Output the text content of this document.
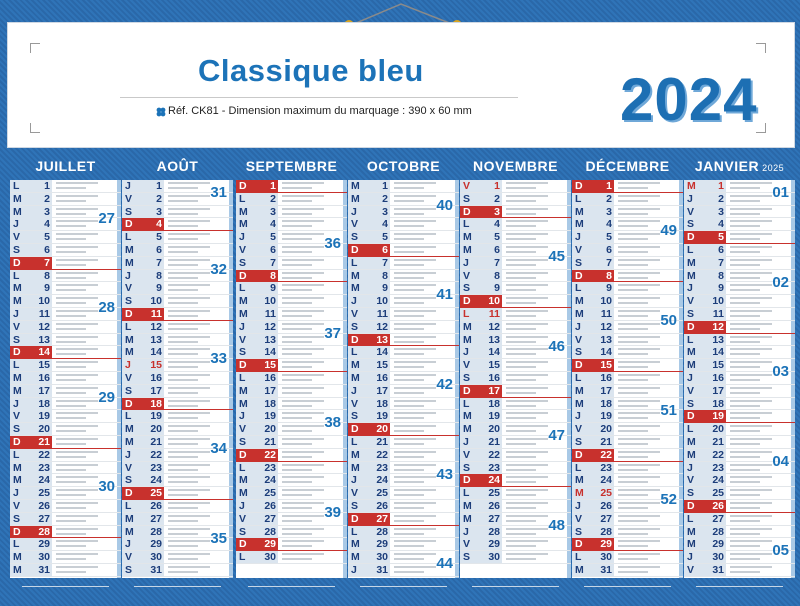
Classique bleu
Réf. CK81 - Dimension maximum du marquage : 390 x 60 mm 2024
JUILLET
L 1
M 2
M 3
J 4
V 5
S 6
D 7
L 8
M 9
M 10
J 11
V 12
S 13
D 14
L 15
M 16
M 17
J 18
V 19
S 20
D 21
L 22
M 23
M 24
J 25
V 26
S 27
D 28
L 29
M 30
M 31
27
28
29
30
AOÛT
J 1
V 2
S 3
D 4
L 5
M 6
M 7
J 8
V 9
S 10
D 11
L 12
M 13
M 14
J 15
V 16
S 17
D 18
L 19
M 20
M 21
J 22
V 23
S 24
D 25
L 26
M 27
M 28
J 29
V 30
S 31
31
32
33
34
35
SEPTEMBRE
D 1
L 2
M 3
M 4
J 5
V 6
S 7
D 8
L 9
M 10
M 11
J 12
V 13
S 14
D 15
L 16
M 17
M 18
J 19
V 20
S 21
D 22
L 23
M 24
M 25
J 26
V 27
S 28
D 29
L 30
36
37
38
39
OCTOBRE
M 1
M 2
J 3
V 4
S 5
D 6
L 7
M 8
M 9
J 10
V 11
S 12
D 13
L 14
M 15
M 16
J 17
V 18
S 19
D 20
L 21
M 22
M 23
J 24
V 25
S 26
D 27
L 28
M 29
M 30
J 31
40
41
42
43
44
NOVEMBRE
V 1
S 2
D 3
L 4
M 5
M 6
J 7
V 8
S 9
D 10
L 11
M 12
M 13
J 14
V 15
S 16
D 17
L 18
M 19
M 20
J 21
V 22
S 23
D 24
L 25
M 26
M 27
J 28
V 29
S 30
45
46
47
48
DÉCEMBRE
D 1
L 2
M 3
M 4
J 5
V 6
S 7
D 8
L 9
M 10
M 11
J 12
V 13
S 14
D 15
L 16
M 17
M 18
J 19
V 20
S 21
D 22
L 23
M 24
M 25
J 26
V 27
S 28
D 29
L 30
M 31
49
50
51
52
JANVIER 2025
M 1
J 2
V 3
S 4
D 5
L 6
M 7
M 8
J 9
V 10
S 11
D 12
L 13
M 14
M 15
J 16
V 17
S 18
D 19
L 20
M 21
M 22
J 23
V 24
S 25
D 26
L 27
M 28
M 29
J 30
V 31
01
02
03
04
05
